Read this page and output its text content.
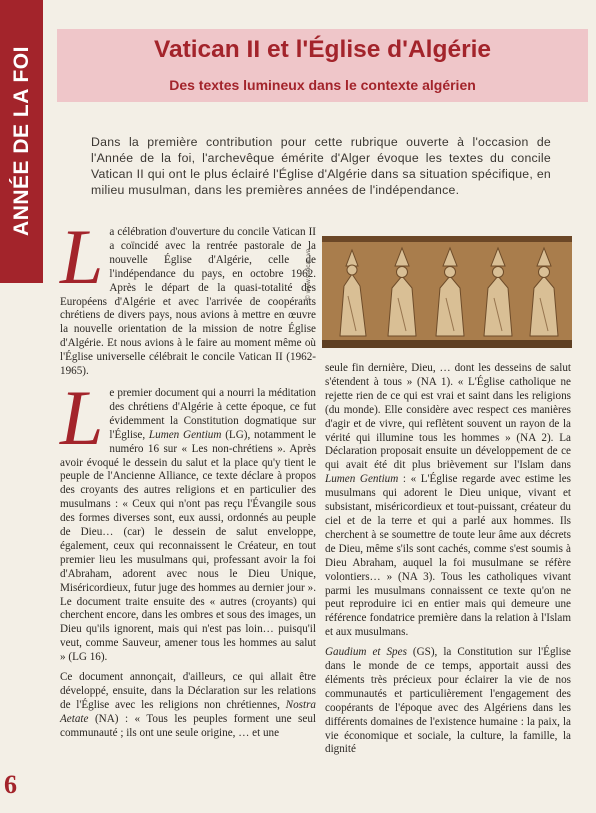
ANNÉE DE LA FOI	Vatican II et l'Église d'Algérie
Des textes lumineux dans le contexte algérien
Dans la première contribution pour cette rubrique ouverte à l'occasion de l'Année de la foi, l'archevêque émérite d'Alger évoque les textes du concile Vatican II qui ont le plus éclairé l'Église d'Algérie dans sa situation spécifique, en milieu musulman, dans les premières années de l'indépendance.

La célébration d'ouverture du concile Vatican II a coïncidé avec la rentrée pastorale de la nouvelle Église d'Algérie, celle de l'indépendance du pays, en octobre 1962. Après le départ de la quasi-totalité des Européens d'Algérie et avec l'arrivée de coopérants chrétiens de divers pays, nous avions à mettre en œuvre la nouvelle orientation de la mission de notre Église d'Algérie. Et nous avions à le faire au moment même où l'Église universelle célébrait le concile Vatican II (1962-1965).

Le premier document qui a nourri la méditation des chrétiens d'Algérie à cette époque, ce fut évidemment la Constitution dogmatique sur l'Église, Lumen Gentium (LG), notamment le numéro 16 sur « Les non-chrétiens ». Après avoir évoqué le dessein du salut et la place qu'y tient le peuple de l'Ancienne Alliance, ce texte déclare à propos des croyants des autres religions et en particulier des musulmans : « Ceux qui n'ont pas reçu l'Évangile sous des formes diverses sont, eux aussi, ordonnés au peuple de Dieu… (car) le dessein de salut enveloppe, également, ceux qui reconnaissent le Créateur, en tout premier lieu les musulmans qui, professant avoir la foi d'Abraham, adorent avec nous le Dieu Unique, Miséricordieux, futur juge des hommes au dernier jour ». Le document traite ensuite des « autres (croyants) qui cherchent encore, dans les ombres et sous des images, un Dieu qu'ils ignorent, mais qui n'est pas loin… puisqu'il veut, comme Sauveur, amener tous les hommes au salut » (LG 16).

Ce document annonçait, d'ailleurs, ce qui allait être développé, ensuite, dans la Déclaration sur les relations de l'Église avec les religions non chrétiennes, Nostra Aetate (NA) : « Tous les peuples forment une seul communauté ; ils ont une seule origine, … et une

© www.vatican.va

seule fin dernière, Dieu, … dont les desseins de salut s'étendent à tous » (NA 1). « L'Église catholique ne rejette rien de ce qui est vrai et saint dans les religions (du monde). Elle considère avec respect ces manières d'agir et de vivre, qui reflètent souvent un rayon de la vérité qui illumine tous les hommes » (NA 2). La Déclaration proposait ensuite un développement de ce qui avait été dit plus brièvement sur l'Islam dans Lumen Gentium : « L'Église regarde avec estime les musulmans qui adorent le Dieu unique, vivant et subsistant, miséricordieux et tout-puissant, créateur du ciel et de la terre et qui a parlé aux hommes. Ils cherchent à se soumettre de toute leur âme aux décrets de Dieu, même s'ils sont cachés, comme s'est soumis à Dieu Abraham, auquel la foi musulmane se réfère volontiers… » (NA 3). Tous les catholiques vivant parmi les musulmans connaissent ce texte qu'on ne peut reproduire ici en entier mais qui demeure une référence fondatrice première dans la relation à l'Islam et aux musulmans.

Gaudium et Spes (GS), la Constitution sur l'Église dans le monde de ce temps, apportait aussi des éléments très précieux pour éclairer la vie de nos communautés et particulièrement l'engagement des coopérants de l'époque avec des Algériens dans les différents domaines de l'existence humaine : la paix, la vie économique et sociale, la culture, la famille, la dignité

6
